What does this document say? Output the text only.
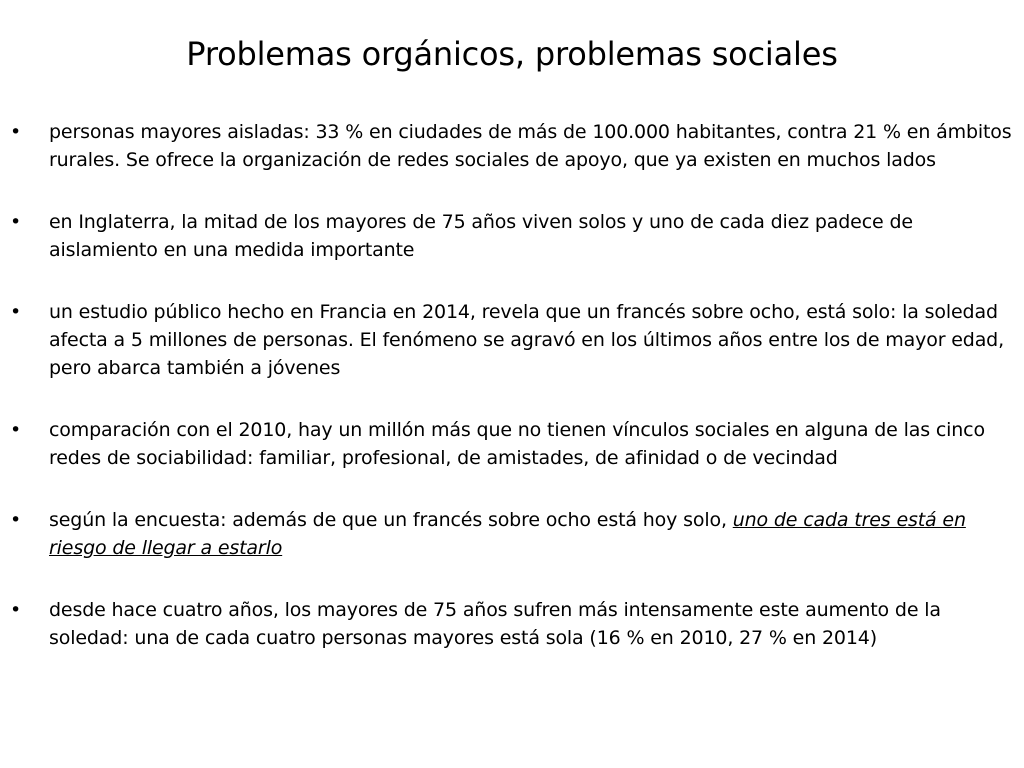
Problemas orgánicos, problemas sociales
• personas mayores aisladas: 33 % en ciudades de más de 100.000 habitantes, contra 21 % en ámbitos rurales. Se ofrece la organización de redes sociales de apoyo, que ya existen en muchos lados
• en Inglaterra, la mitad de los mayores de 75 años viven solos y uno de cada diez padece de aislamiento en una medida importante
• un estudio público hecho en Francia en 2014, revela que un francés sobre ocho, está solo: la soledad afecta a 5 millones de personas. El fenómeno se agravó en los últimos años entre los de mayor edad, pero abarca también a jóvenes
• comparación con el 2010, hay un millón más que no tienen vínculos sociales en alguna de las cinco redes de sociabilidad: familiar, profesional, de amistades, de afinidad o de vecindad
• según la encuesta: además de que un francés sobre ocho está hoy solo, uno de cada tres está en riesgo de llegar a estarlo
• desde hace cuatro años, los mayores de 75 años sufren más intensamente este aumento de la soledad: una de cada cuatro personas mayores está sola (16 % en 2010, 27 % en 2014)
